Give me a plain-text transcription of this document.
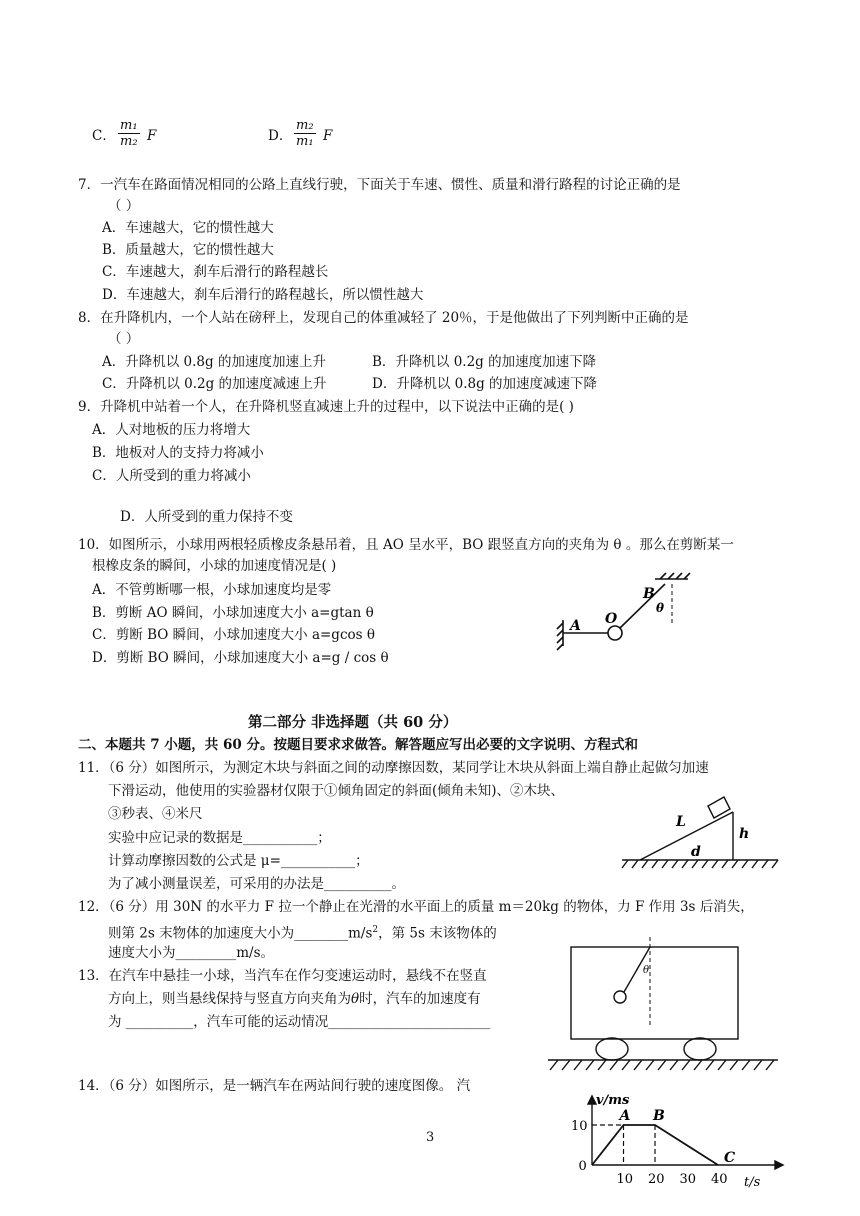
C． $\frac{\text{m₁}}{\text{m₂}}$ F	D． $\frac{\text{m₂}}{\text{m₁}}$ F
7．一汽车在路面情况相同的公路上直线行驶，下面关于车速、惯性、质量和滑行路程的讨论正确的是
（ ）
A．车速越大，它的惯性越大
B．质量越大，它的惯性越大
C．车速越大，刹车后滑行的路程越长
D．车速越大，刹车后滑行的路程越长，所以惯性越大
8．在升降机内，一个人站在磅秤上，发现自己的体重减轻了 20％，于是他做出了下列判断中正确的是
（ ）
A．升降机以 0.8g 的加速度加速上升	B．升降机以 0.2g 的加速度加速下降
C．升降机以 0.2g 的加速度减速上升	D．升降机以 0.8g 的加速度减速下降
9．升降机中站着一个人，在升降机竖直减速上升的过程中，以下说法中正确的是( )
A．人对地板的压力将增大
B．地板对人的支持力将减小
C．人所受到的重力将减小
D．人所受到的重力保持不变
10．如图所示，小球用两根轻质橡皮条悬吊着，且 AO 呈水平，BO 跟竖直方向的夹角为 θ 。那么在剪断某一
根橡皮条的瞬间，小球的加速度情况是( )
A．不管剪断哪一根，小球加速度均是零
B．剪断 AO 瞬间，小球加速度大小 a=gtan θ
C．剪断 BO 瞬间，小球加速度大小 a=gcos θ
D．剪断 BO 瞬间，小球加速度大小 a=g / cos θ
A O
B
θ
第二部分 非选择题（共 60 分）
二、本题共 7 小题，共 60 分。按题目要求求做答。解答题应写出必要的文字说明、方程式和
11．（6 分）如图所示，为测定木块与斜面之间的动摩擦因数，某同学让木块从斜面上端自静止起做匀加速
下滑运动，他使用的实验器材仅限于①倾角固定的斜面(倾角未知)、②木块、
③秒表、④米尺
实验中应记录的数据是___________；
计算动摩擦因数的公式是 μ=___________；
为了减小测量误差，可采用的办法是__________。
L
h
d
12．（6 分）用 30N 的水平力 F 拉一个静止在光滑的水平面上的质量 m＝20kg 的物体，力 F 作用 3s 后消失，
则第 2s 末物体的加速度大小为$\_\_\_\_\_\_\_\_m/s^2$，第 5s 末该物体的
速度大小为_________m/s。
13．在汽车中悬挂一小球，当汽车在作匀变速运动时，悬线不在竖直
方向上，则当悬线保持与竖直方向夹角为θ时，汽车的加速度有
为 __________，汽车可能的运动情况________________________
θ
14．（6 分）如图所示，是一辆汽车在两站间行驶的速度图像。 汽
v/ms
t/s
10 20 30 40
0
10
A B
C
3
